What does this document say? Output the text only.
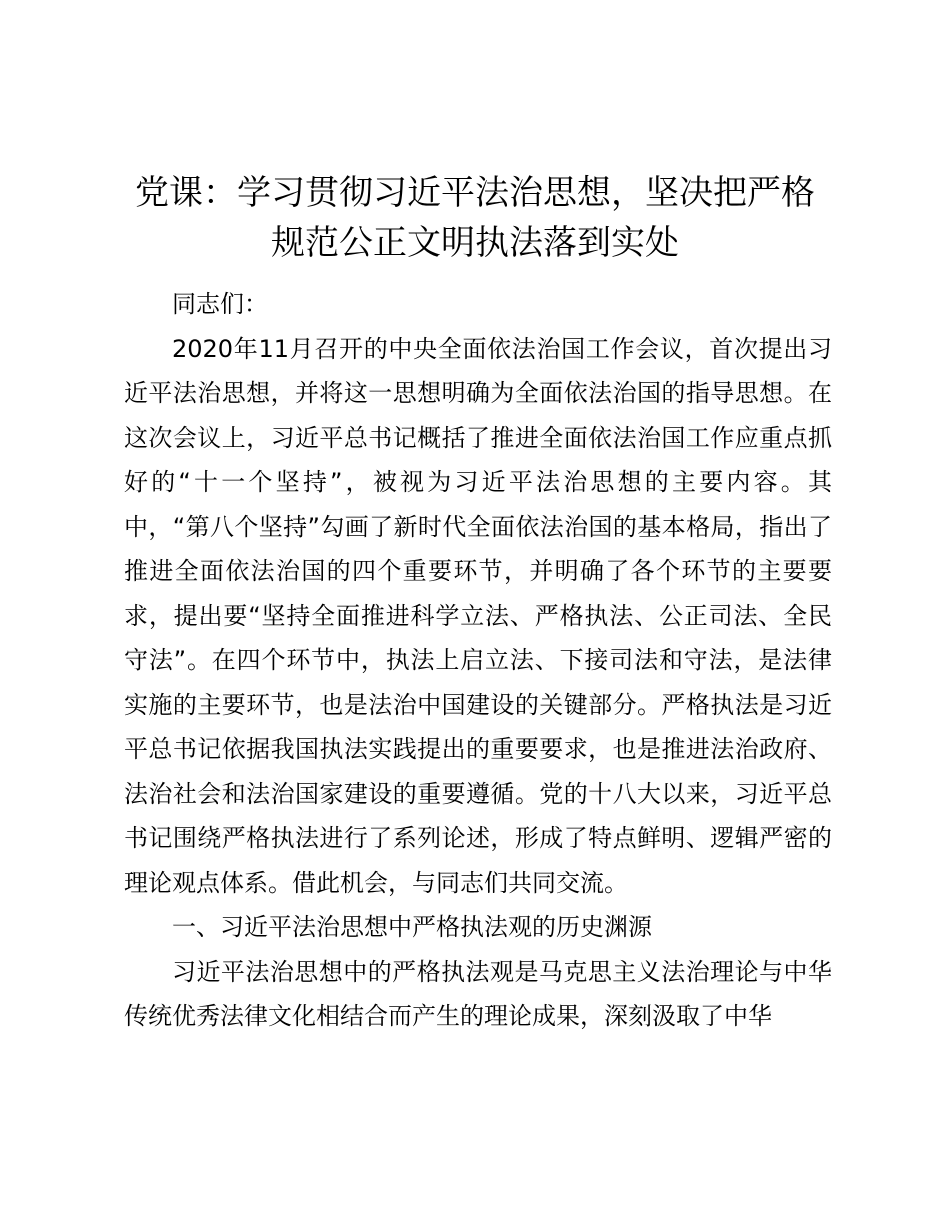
党课：学习贯彻习近平法治思想，坚决把严格
规范公正文明执法落到实处

同志们：

2020年11月召开的中央全面依法治国工作会议，首次提出习近平法治思想，并将这一思想明确为全面依法治国的指导思想。在这次会议上，习近平总书记概括了推进全面依法治国工作应重点抓好的“十一个坚持”，被视为习近平法治思想的主要内容。其中，“第八个坚持”勾画了新时代全面依法治国的基本格局，指出了推进全面依法治国的四个重要环节，并明确了各个环节的主要要求，提出要“坚持全面推进科学立法、严格执法、公正司法、全民守法”。在四个环节中，执法上启立法、下接司法和守法，是法律实施的主要环节，也是法治中国建设的关键部分。严格执法是习近平总书记依据我国执法实践提出的重要要求，也是推进法治政府、法治社会和法治国家建设的重要遵循。党的十八大以来，习近平总书记围绕严格执法进行了系列论述，形成了特点鲜明、逻辑严密的理论观点体系。借此机会，与同志们共同交流。

一、习近平法治思想中严格执法观的历史渊源

习近平法治思想中的严格执法观是马克思主义法治理论与中华传统优秀法律文化相结合而产生的理论成果，深刻汲取了中华
